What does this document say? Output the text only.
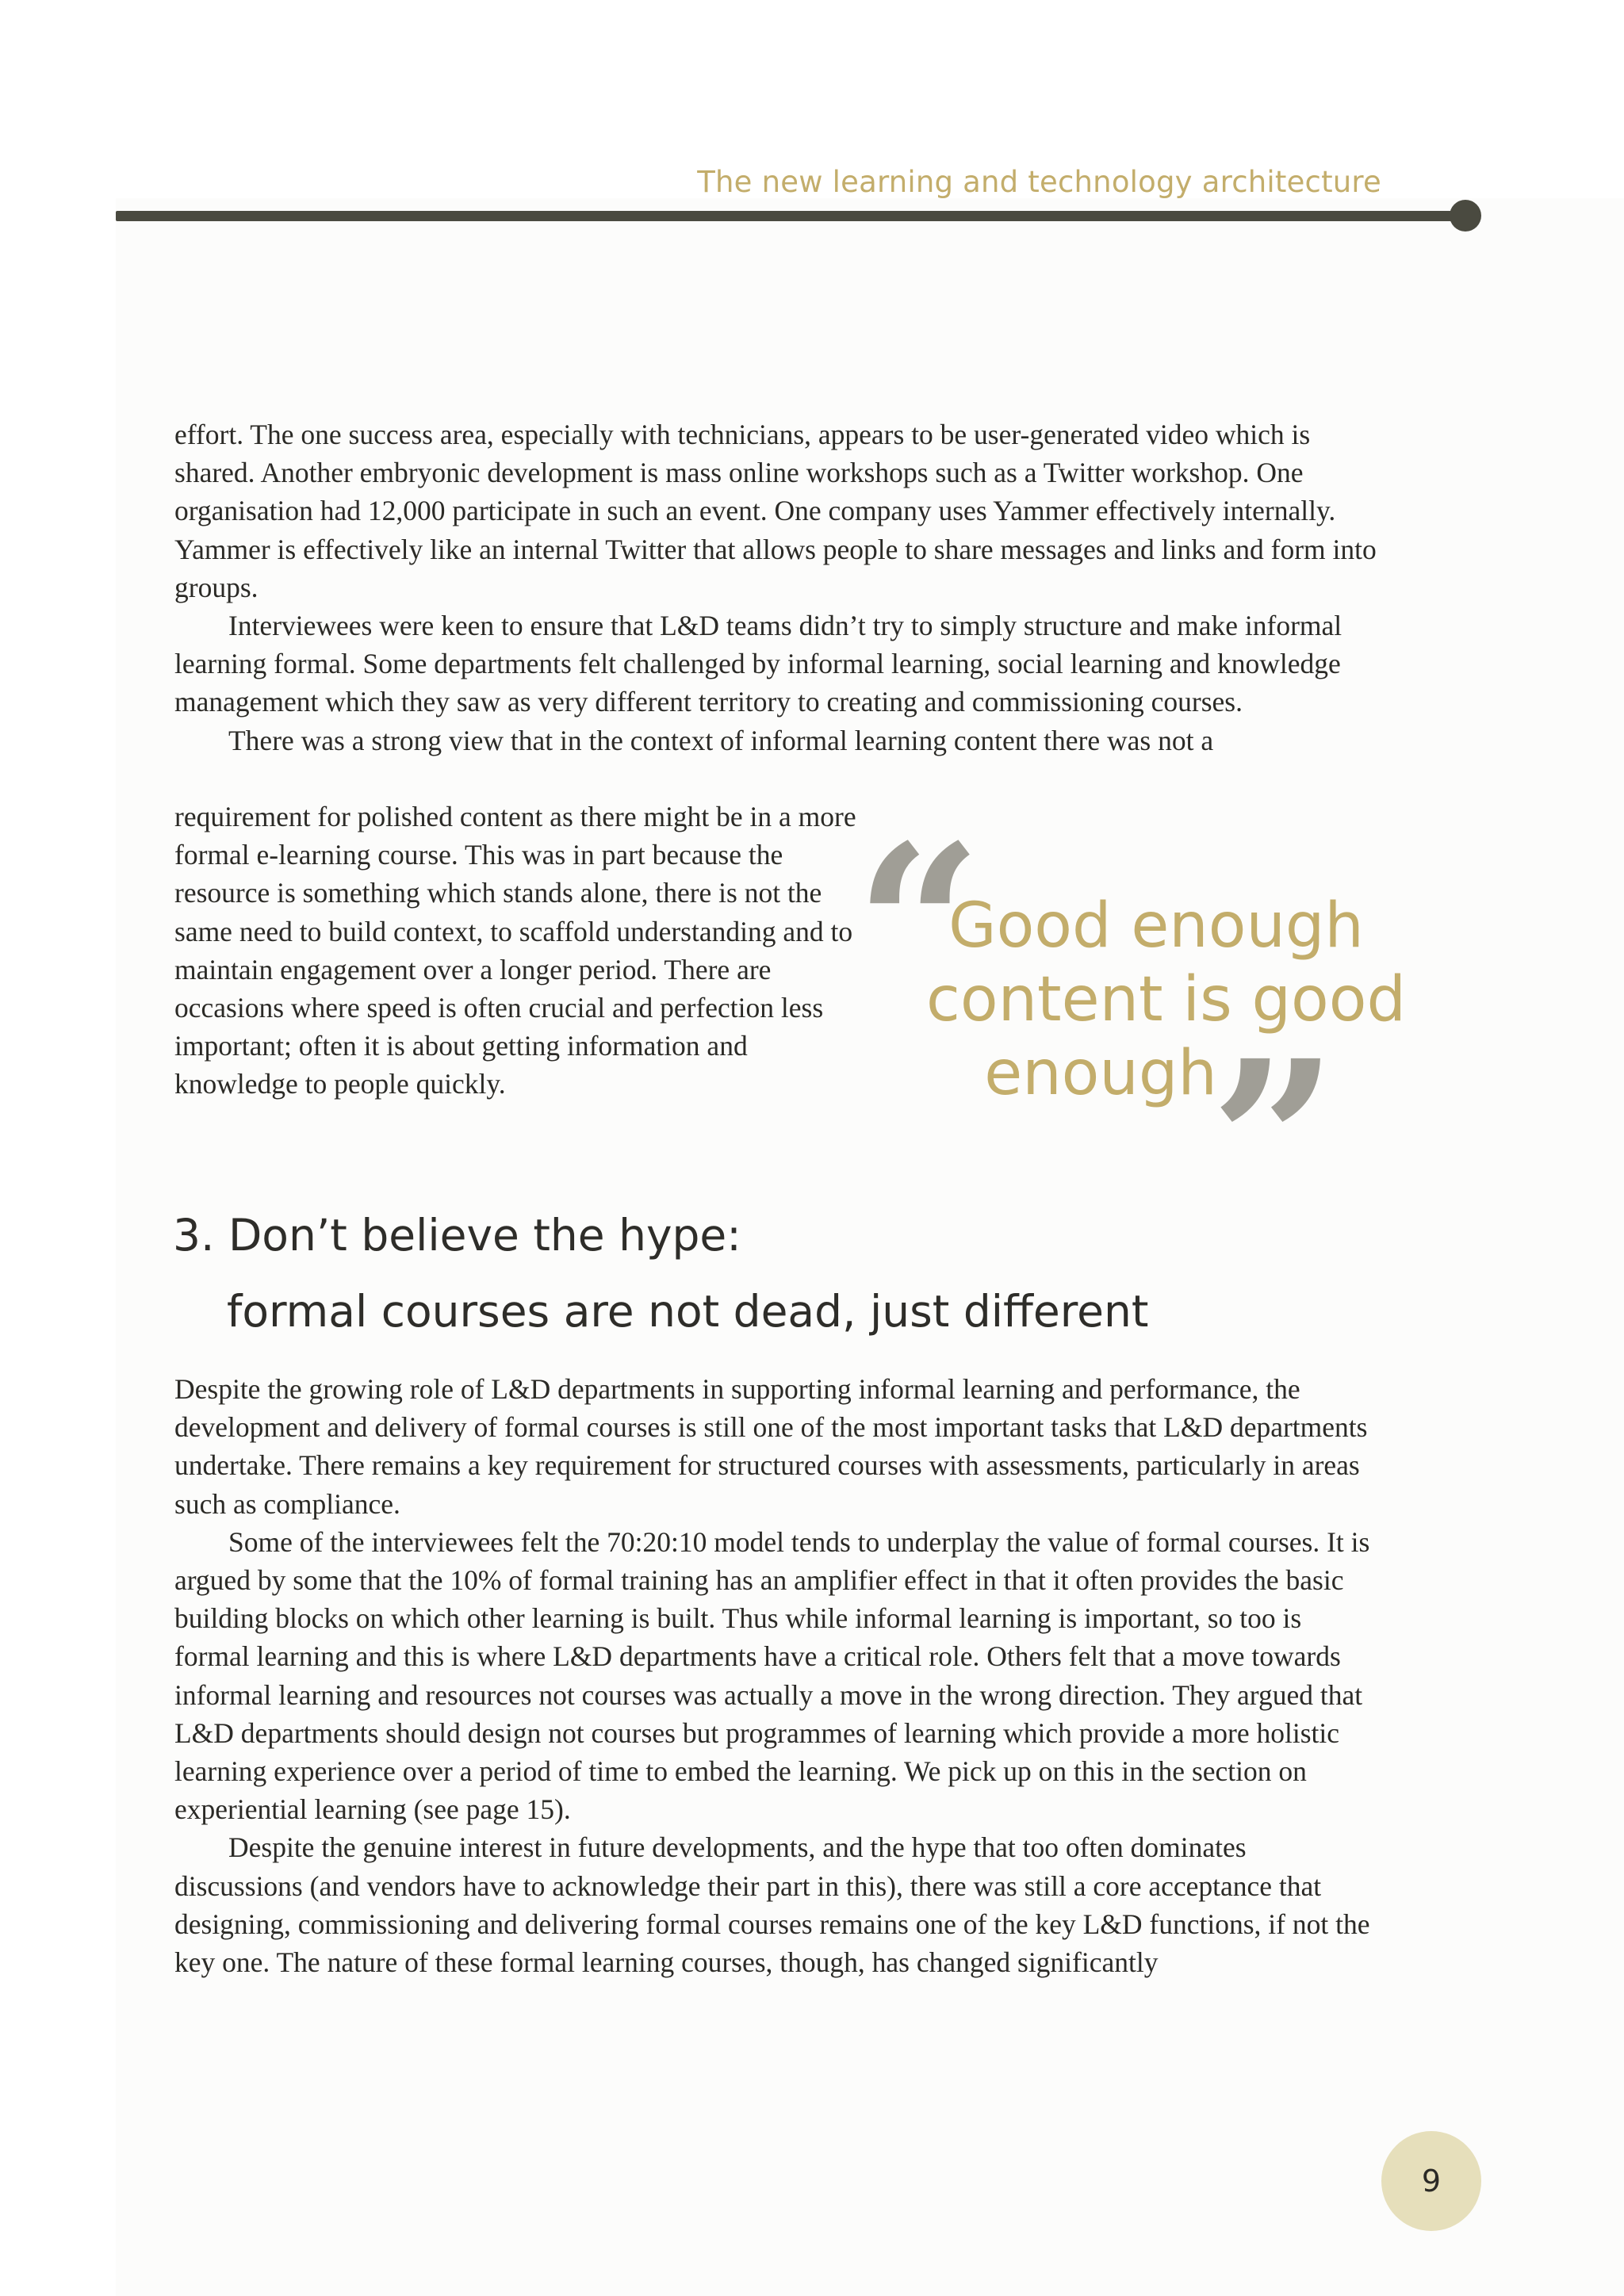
The new learning and technology architecture

effort. The one success area, especially with technicians, appears to be user-generated video which is shared. Another embryonic development is mass online workshops such as a Twitter workshop. One organisation had 12,000 participate in such an event. One company uses Yammer effectively internally. Yammer is effectively like an internal Twitter that allows people to share messages and links and form into groups.

Interviewees were keen to ensure that L&D teams didn’t try to simply structure and make informal learning formal. Some departments felt challenged by informal learning, social learning and knowledge management which they saw as very different territory to creating and commissioning courses.

There was a strong view that in the context of informal learning content there was not a

requirement for polished content as there might be in a more formal e-learning course. This was in part because the resource is something which stands alone, there is not the same need to build context, to scaffold understanding and to maintain engagement over a longer period. There are occasions where speed is often crucial and perfection less important; often it is about getting information and knowledge to people quickly.

“
Good enough
content is good
enough
”
3. Don’t believe the hype:
formal courses are not dead, just different

Despite the growing role of L&D departments in supporting informal learning and performance, the development and delivery of formal courses is still one of the most important tasks that L&D departments undertake. There remains a key requirement for structured courses with assessments, particularly in areas such as compliance.

Some of the interviewees felt the 70:20:10 model tends to underplay the value of formal courses. It is argued by some that the 10% of formal training has an amplifier effect in that it often provides the basic building blocks on which other learning is built. Thus while informal learning is important, so too is formal learning and this is where L&D departments have a critical role. Others felt that a move towards informal learning and resources not courses was actually a move in the wrong direction. They argued that L&D departments should design not courses but programmes of learning which provide a more holistic learning experience over a period of time to embed the learning. We pick up on this in the section on experiential learning (see page 15).

Despite the genuine interest in future developments, and the hype that too often dominates discussions (and vendors have to acknowledge their part in this), there was still a core acceptance that designing, commissioning and delivering formal courses remains one of the key L&D functions, if not the key one. The nature of these formal learning courses, though, has changed significantly

9
